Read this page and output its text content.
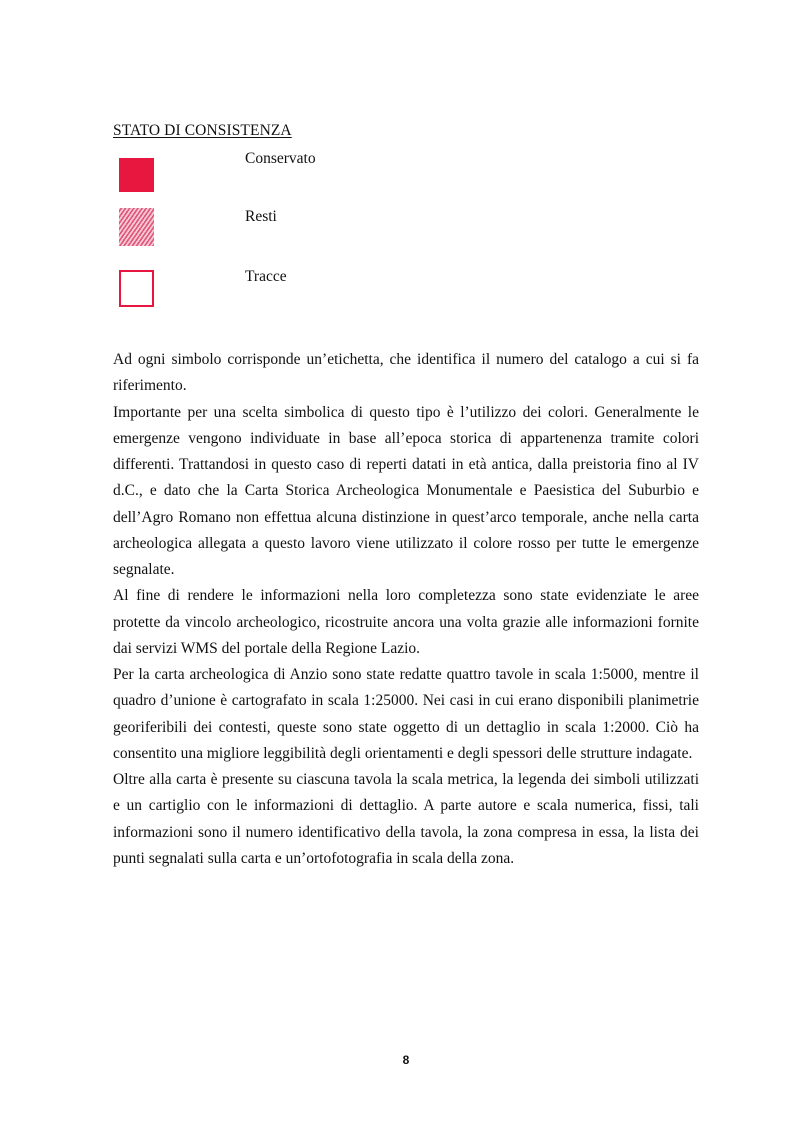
STATO DI CONSISTENZA
Conservato
Resti
Tracce

Ad ogni simbolo corrisponde un’etichetta, che identifica il numero del catalogo a cui si fa riferimento.

Importante per una scelta simbolica di questo tipo è l’utilizzo dei colori. Generalmente le emergenze vengono individuate in base all’epoca storica di appartenenza tramite colori differenti. Trattandosi in questo caso di reperti datati in età antica, dalla preistoria fino al IV d.C., e dato che la Carta Storica Archeologica Monumentale e Paesistica del Suburbio e dell’Agro Romano non effettua alcuna distinzione in quest’arco temporale, anche nella carta archeologica allegata a questo lavoro viene utilizzato il colore rosso per tutte le emergenze segnalate.

Al fine di rendere le informazioni nella loro completezza sono state evidenziate le aree protette da vincolo archeologico, ricostruite ancora una volta grazie alle informazioni fornite dai servizi WMS del portale della Regione Lazio.

Per la carta archeologica di Anzio sono state redatte quattro tavole in scala 1:5000, mentre il quadro d’unione è cartografato in scala 1:25000. Nei casi in cui erano disponibili planimetrie georiferibili dei contesti, queste sono state oggetto di un dettaglio in scala 1:2000. Ciò ha consentito una migliore leggibilità degli orientamenti e degli spessori delle strutture indagate.

Oltre alla carta è presente su ciascuna tavola la scala metrica, la legenda dei simboli utilizzati e un cartiglio con le informazioni di dettaglio. A parte autore e scala numerica, fissi, tali informazioni sono il numero identificativo della tavola, la zona compresa in essa, la lista dei punti segnalati sulla carta e un’ortofotografia in scala della zona.

8
